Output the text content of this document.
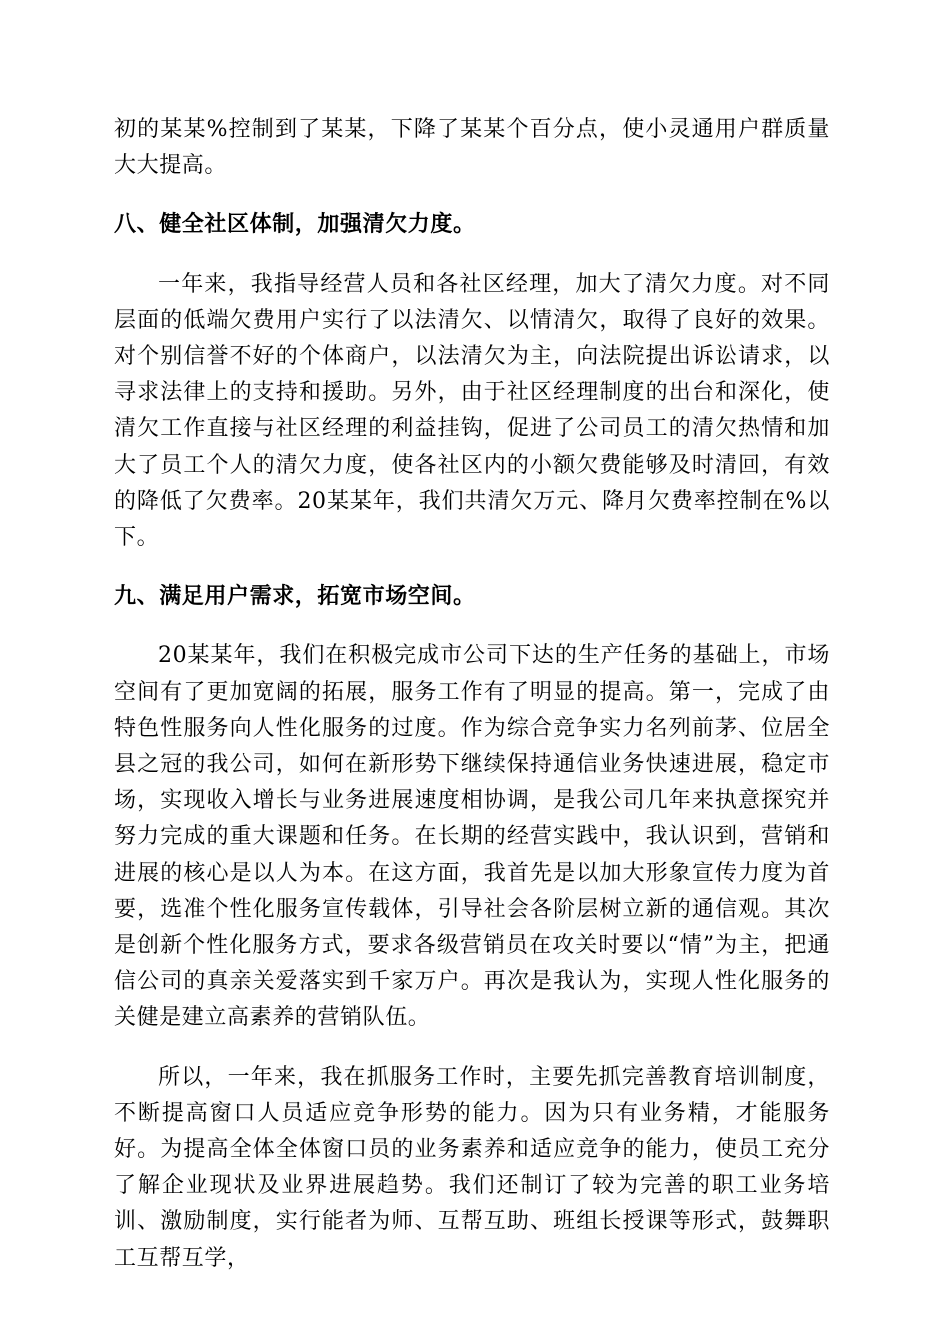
初的某某%控制到了某某，下降了某某个百分点，使小灵通用户群质量大大提高。

八、健全社区体制，加强清欠力度。

一年来，我指导经营人员和各社区经理，加大了清欠力度。对不同层面的低端欠费用户实行了以法清欠、以情清欠，取得了良好的效果。对个别信誉不好的个体商户，以法清欠为主，向法院提出诉讼请求，以寻求法律上的支持和援助。另外，由于社区经理制度的出台和深化，使清欠工作直接与社区经理的利益挂钩，促进了公司员工的清欠热情和加大了员工个人的清欠力度，使各社区内的小额欠费能够及时清回，有效的降低了欠费率。20某某年，我们共清欠万元、降月欠费率控制在%以下。

九、满足用户需求，拓宽市场空间。

20某某年，我们在积极完成市公司下达的生产任务的基础上，市场空间有了更加宽阔的拓展，服务工作有了明显的提高。第一，完成了由特色性服务向人性化服务的过度。作为综合竞争实力名列前茅、位居全县之冠的我公司，如何在新形势下继续保持通信业务快速进展，稳定市场，实现收入增长与业务进展速度相协调，是我公司几年来执意探究并努力完成的重大课题和任务。在长期的经营实践中，我认识到，营销和进展的核心是以人为本。在这方面，我首先是以加大形象宣传力度为首要，选准个性化服务宣传载体，引导社会各阶层树立新的通信观。其次是创新个性化服务方式，要求各级营销员在攻关时要以“情”为主，把通信公司的真亲关爱落实到千家万户。再次是我认为，实现人性化服务的关健是建立高素养的营销队伍。

所以，一年来，我在抓服务工作时，主要先抓完善教育培训制度，不断提高窗口人员适应竞争形势的能力。因为只有业务精，才能服务好。为提高全体全体窗口员的业务素养和适应竞争的能力，使员工充分了解企业现状及业界进展趋势。我们还制订了较为完善的职工业务培训、激励制度，实行能者为师、互帮互助、班组长授课等形式，鼓舞职工互帮互学，
